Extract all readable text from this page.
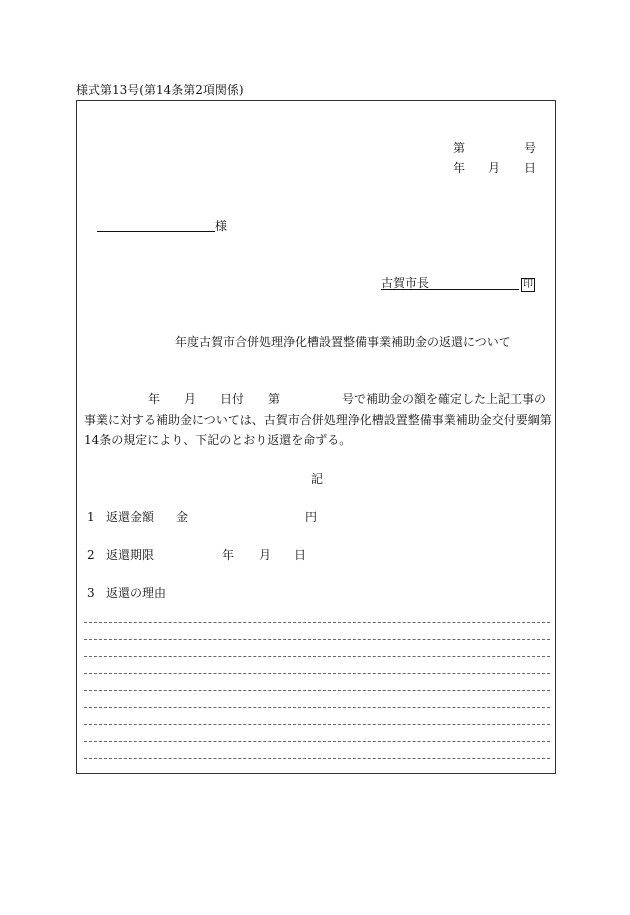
様式第13号(第14条第2項関係)
第	号
年 月 日
様
古賀市長	印
年度古賀市合併処理浄化槽設置整備事業補助金の返還について
年 月 日付 第	号で補助金の額を確定した上記工事の
事業に対する補助金については、古賀市合併処理浄化槽設置整備事業補助金交付要綱第
14条の規定により、下記のとおり返還を命ずる。
記
1 返還金額 金	円
2 返還期限	年 月 日
3 返還の理由
